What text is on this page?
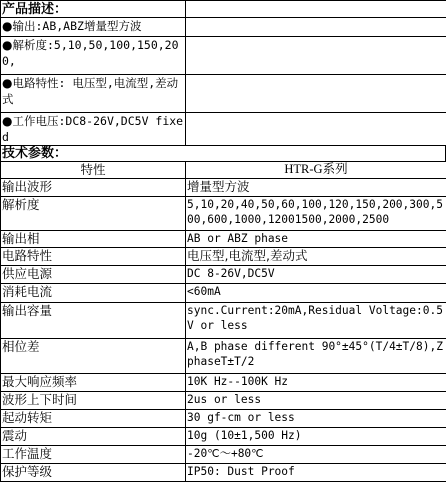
产品描述：	
●输出:AB,ABZ增量型方波	
●解析度:5,10,50,100,150,200,	
●电路特性: 电压型,电流型,差动式	
●工作电压:DC8-26V,DC5V fixed	
技术参数：
特性	HTR-G系列
输出波形	增量型方波
解析度	5,10,20,40,50,60,100,120,150,200,300,500,600,1000,12001500,2000,2500
输出相	AB or ABZ phase
电路特性	电压型,电流型,差动式
供应电源	DC 8-26V,DC5V
消耗电流	<60mA
输出容量	sync.Current:20mA,Residual Voltage:0.5V or less
相位差	A,B phase different 90°±45°(T/4±T/8),Z phaseT±T/2
最大响应频率	10K Hz--100K Hz
波形上下时间	2us or less
起动转矩	30 gf-cm or less
震动	10g (10±1,500 Hz)
工作温度	-20℃～+80℃
保护等级	IP50: Dust Proof
